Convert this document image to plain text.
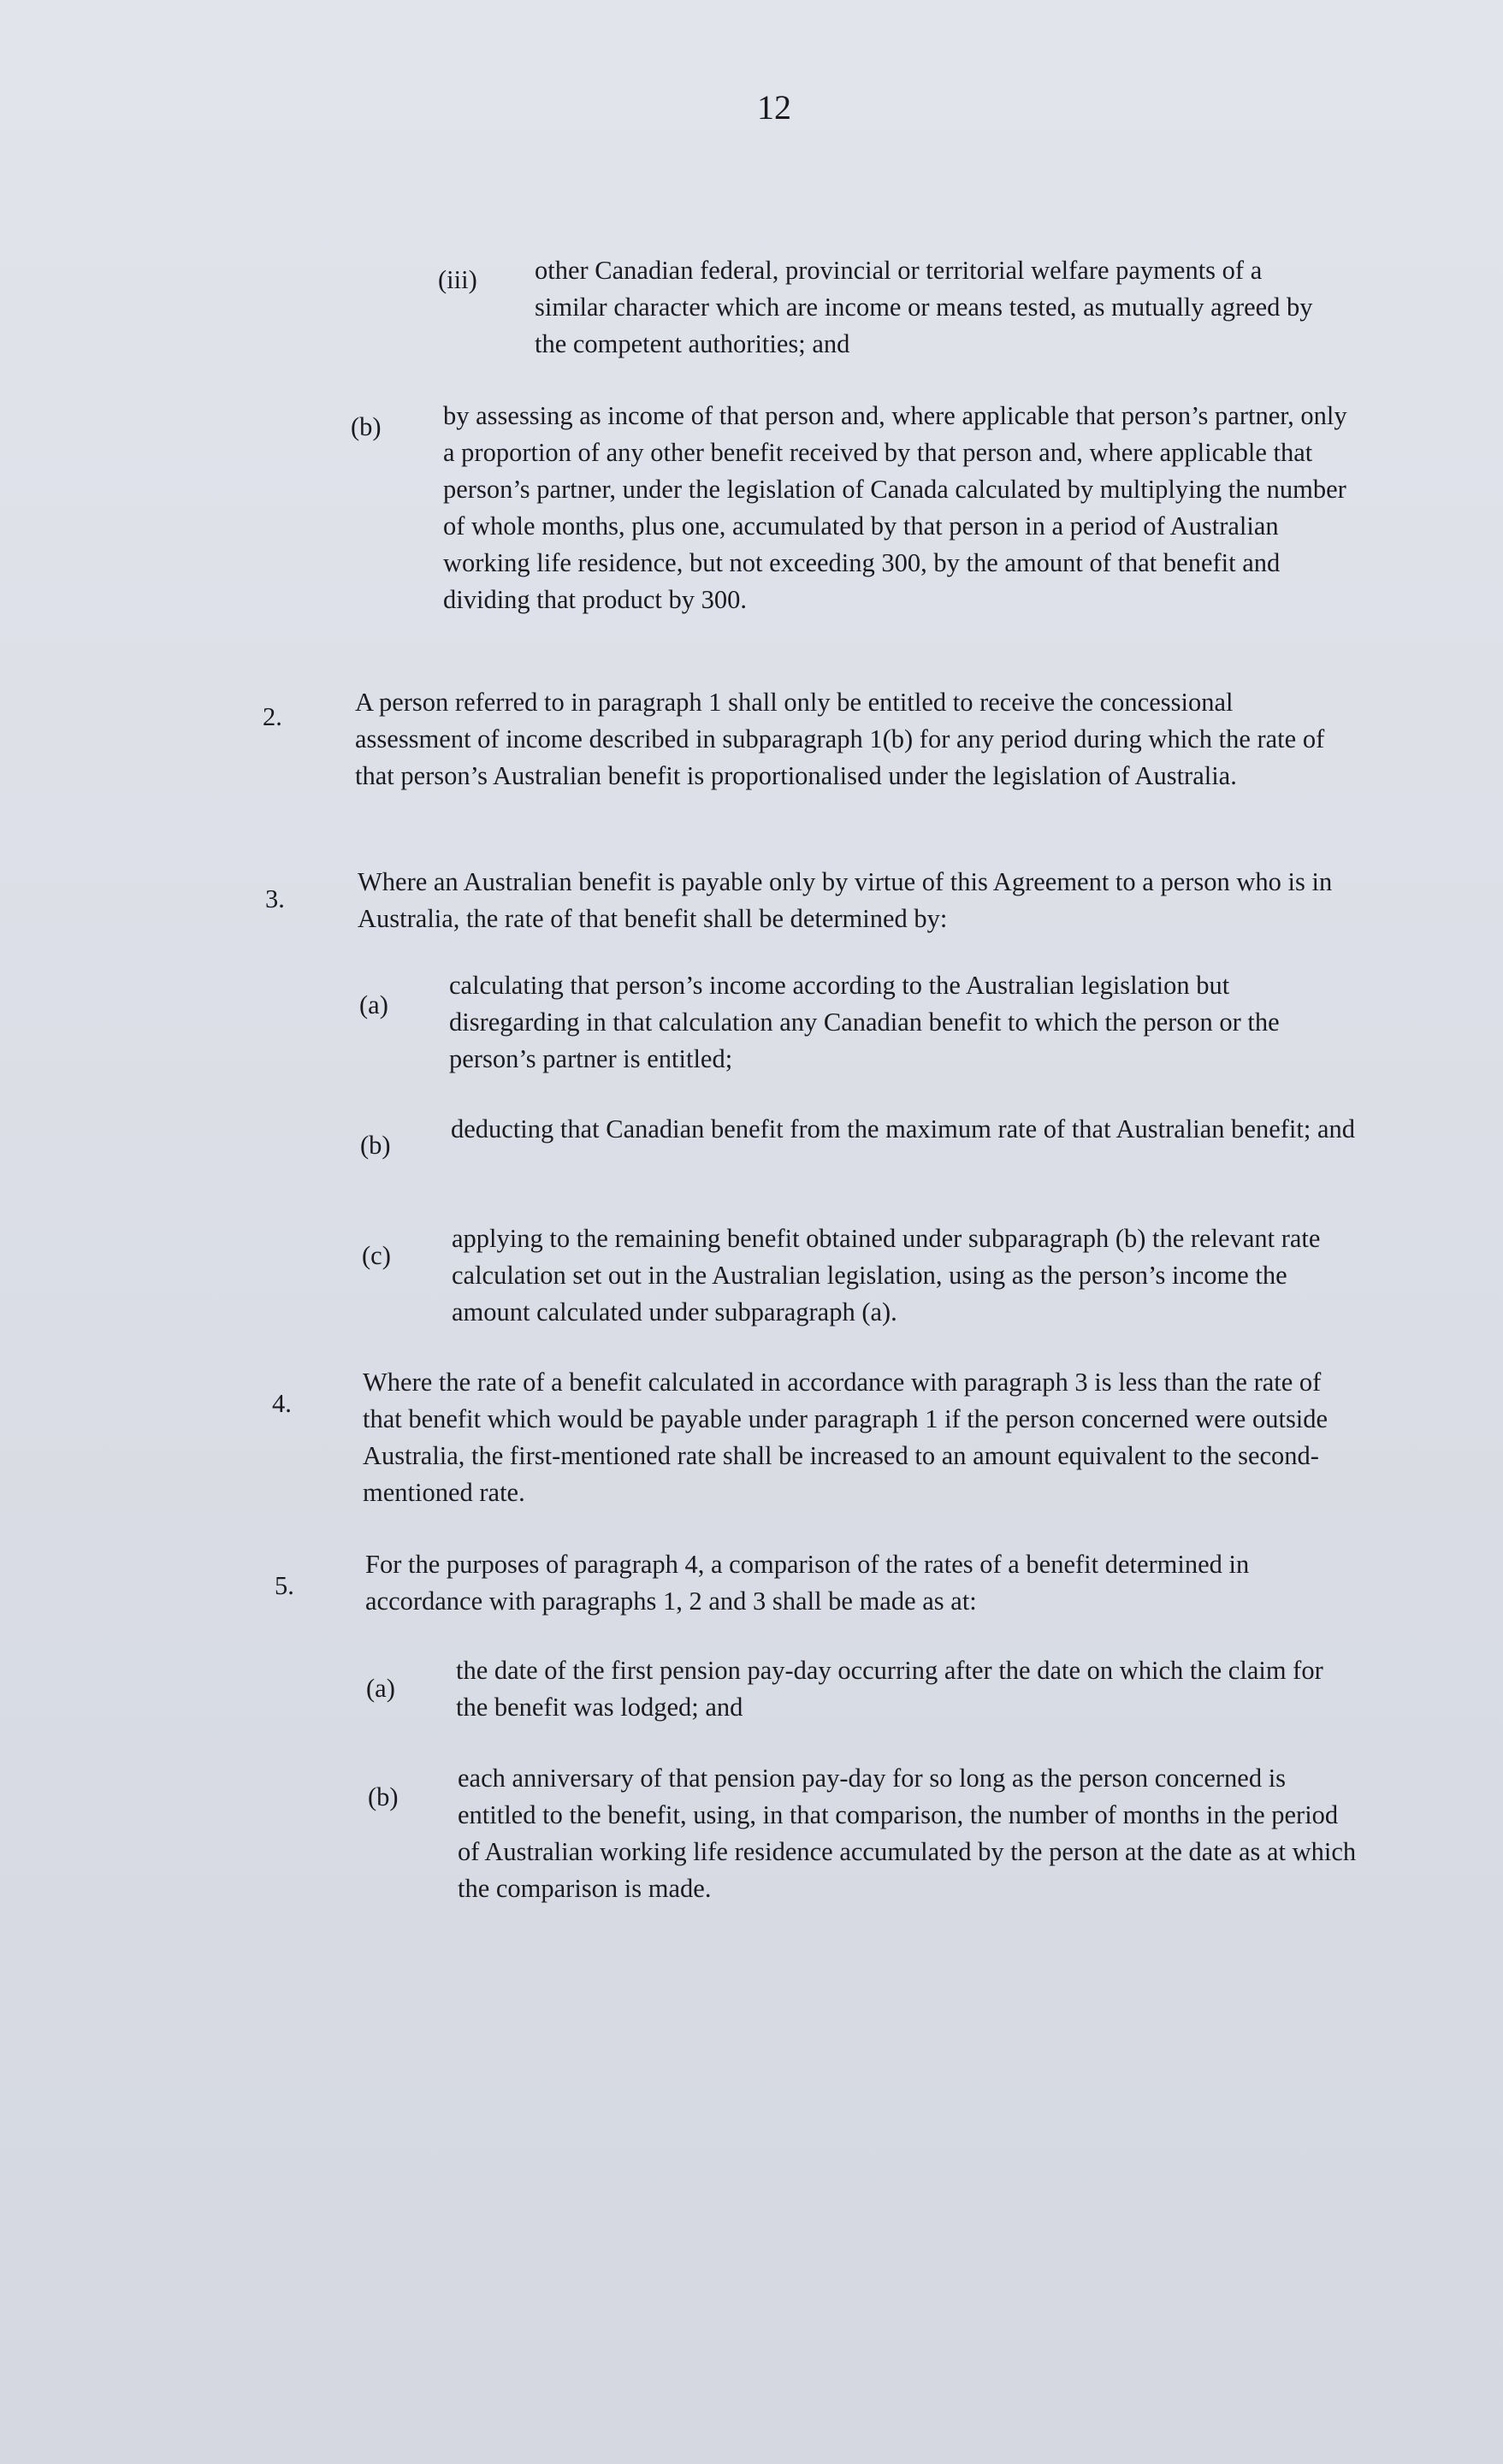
12
(iii) other Canadian federal, provincial or territorial welfare payments of a similar character which are income or means tested, as mutually agreed by the competent authorities; and
(b) by assessing as income of that person and, where applicable that person’s partner, only a proportion of any other benefit received by that person and, where applicable that person’s partner, under the legislation of Canada calculated by multiplying the number of whole months, plus one, accumulated by that person in a period of Australian working life residence, but not exceeding 300, by the amount of that benefit and dividing that product by 300.
2.	A person referred to in paragraph 1 shall only be entitled to receive the concessional assessment of income described in subparagraph 1(b) for any period during which the rate of that person’s Australian benefit is proportionalised under the legislation of Australia.
3.
Where an Australian benefit is payable only by virtue of this Agreement to a person who is in Australia, the rate of that benefit shall be determined by:
(a)
calculating that person’s income according to the Australian legislation but disregarding in that calculation any Canadian benefit to which the person or the person’s partner is entitled;
(b)
deducting that Canadian benefit from the maximum rate of that Australian benefit; and
(c)
applying to the remaining benefit obtained under subparagraph (b) the relevant rate calculation set out in the Australian legislation, using as the person’s income the amount calculated under subparagraph (a).
4.
Where the rate of a benefit calculated in accordance with paragraph 3 is less than the rate of that benefit which would be payable under paragraph 1 if the person concerned were outside Australia, the first-mentioned rate shall be increased to an amount equivalent to the second-mentioned rate.
5.
For the purposes of paragraph 4, a comparison of the rates of a benefit determined in accordance with paragraphs 1, 2 and 3 shall be made as at:
(a)
the date of the first pension pay-day occurring after the date on which the claim for the benefit was lodged; and
(b)
each anniversary of that pension pay-day for so long as the person concerned is entitled to the benefit, using, in that comparison, the number of months in the period of Australian working life residence accumulated by the person at the date as at which the comparison is made.
